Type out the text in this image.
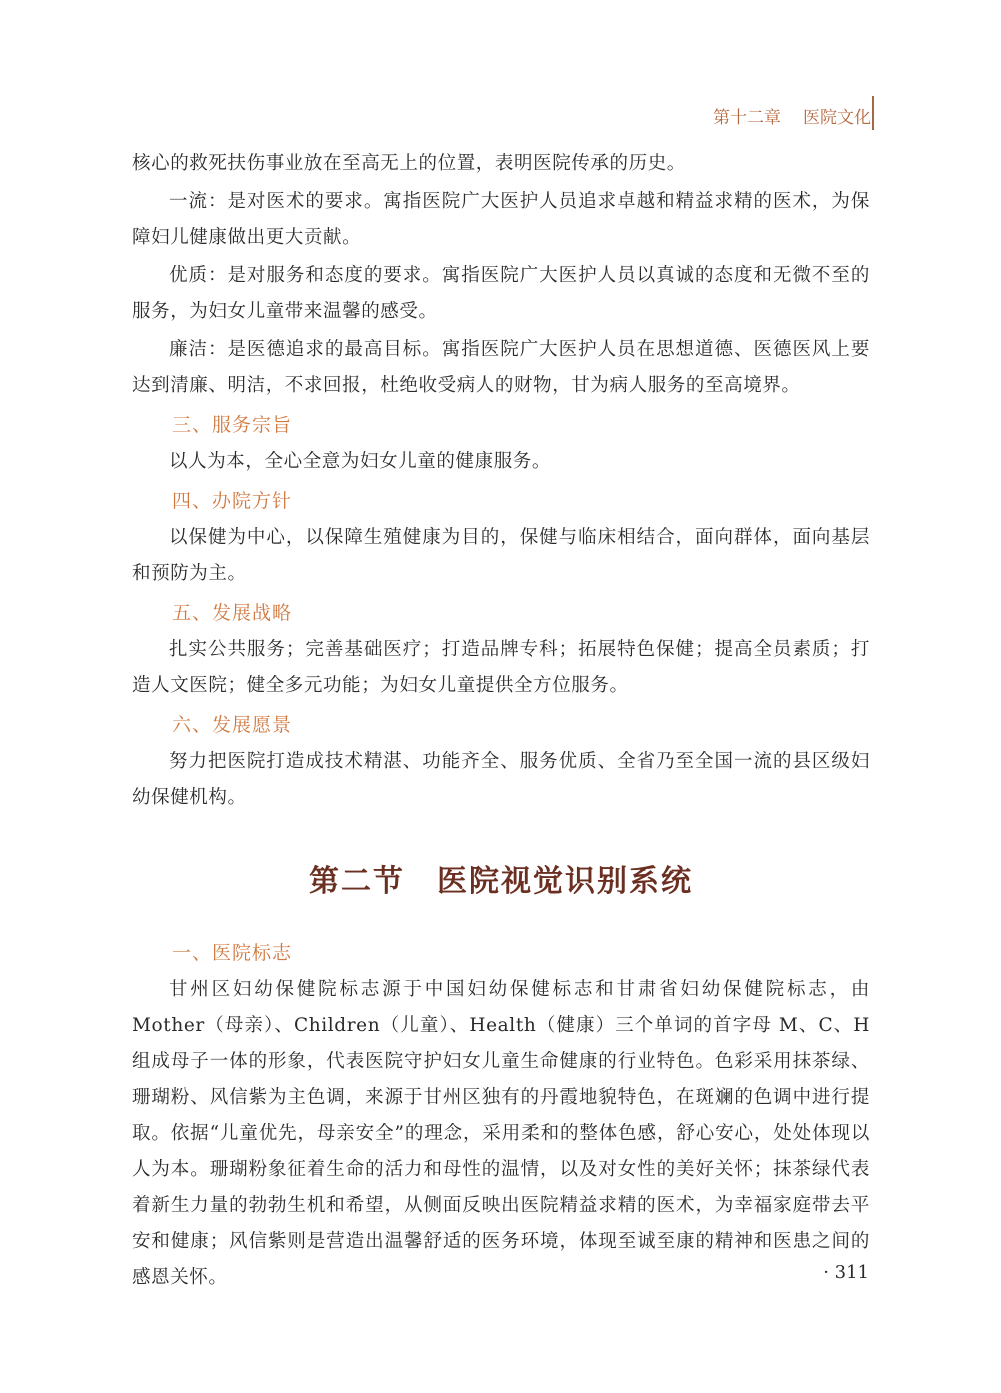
第十二章 医院文化

核心的救死扶伤事业放在至高无上的位置，表明医院传承的历史。

一流：是对医术的要求。寓指医院广大医护人员追求卓越和精益求精的医术，为保障妇儿健康做出更大贡献。

优质：是对服务和态度的要求。寓指医院广大医护人员以真诚的态度和无微不至的服务，为妇女儿童带来温馨的感受。

廉洁：是医德追求的最高目标。寓指医院广大医护人员在思想道德、医德医风上要达到清廉、明洁，不求回报，杜绝收受病人的财物，甘为病人服务的至高境界。

三、服务宗旨

以人为本，全心全意为妇女儿童的健康服务。

四、办院方针

以保健为中心，以保障生殖健康为目的，保健与临床相结合，面向群体，面向基层和预防为主。

五、发展战略

扎实公共服务；完善基础医疗；打造品牌专科；拓展特色保健；提高全员素质；打造人文医院；健全多元功能；为妇女儿童提供全方位服务。

六、发展愿景

努力把医院打造成技术精湛、功能齐全、服务优质、全省乃至全国一流的县区级妇幼保健机构。

第二节　医院视觉识别系统
一、医院标志

甘州区妇幼保健院标志源于中国妇幼保健标志和甘肃省妇幼保健院标志，由 Mother（母亲）、Children（儿童）、Health（健康）三个单词的首字母 M、C、H 组成母子一体的形象，代表医院守护妇女儿童生命健康的行业特色。色彩采用抹茶绿、珊瑚粉、风信紫为主色调，来源于甘州区独有的丹霞地貌特色，在斑斓的色调中进行提取。依据“儿童优先，母亲安全”的理念，采用柔和的整体色感，舒心安心，处处体现以人为本。珊瑚粉象征着生命的活力和母性的温情，以及对女性的美好关怀；抹茶绿代表着新生力量的勃勃生机和希望，从侧面反映出医院精益求精的医术，为幸福家庭带去平安和健康；风信紫则是营造出温馨舒适的医务环境，体现至诚至康的精神和医患之间的感恩关怀。	· 311
